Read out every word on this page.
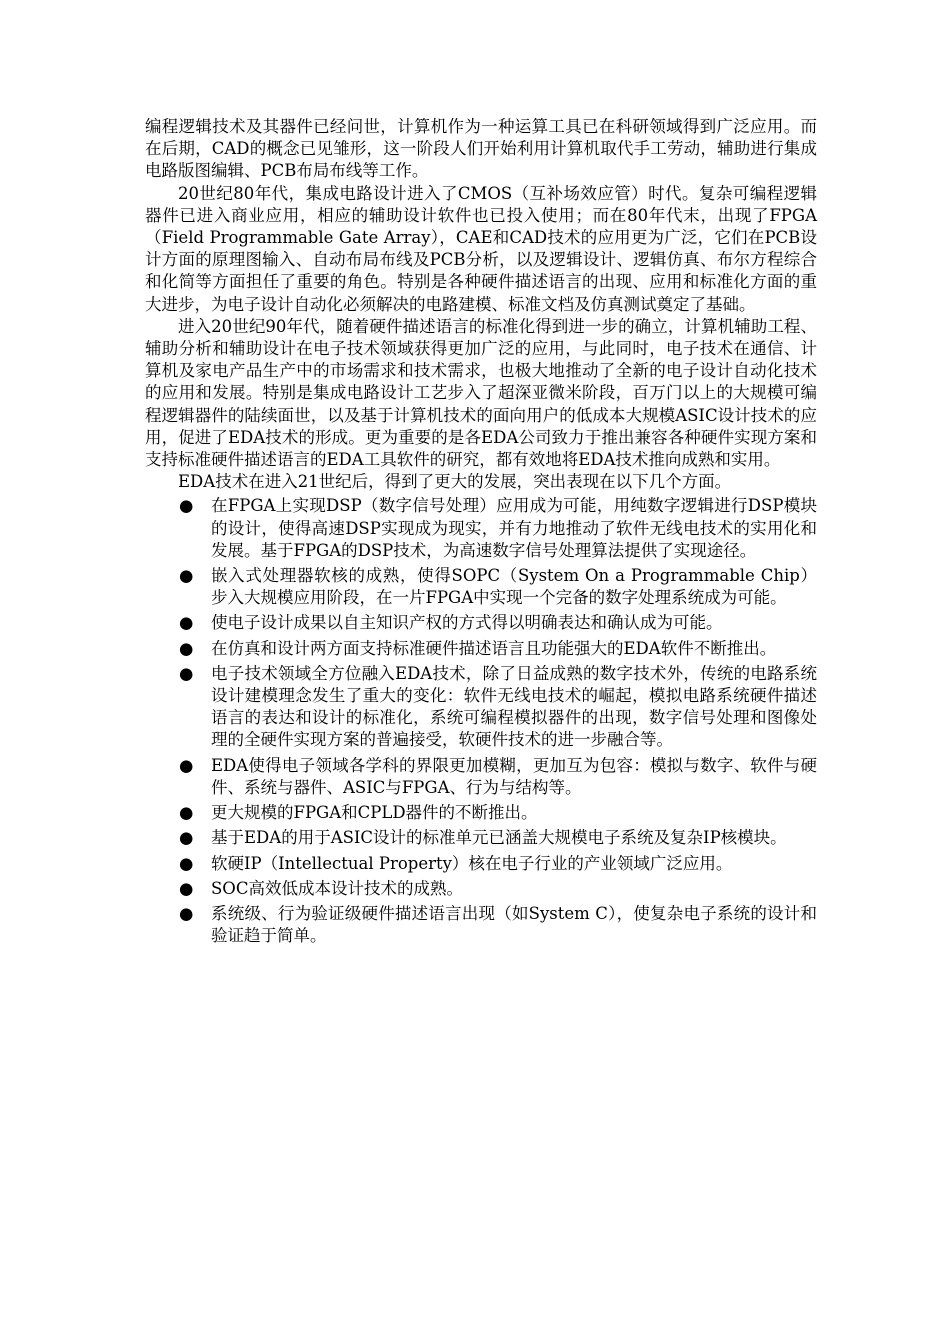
编程逻辑技术及其器件已经问世，计算机作为一种运算工具已在科研领域得到广泛应用。而在后期，CAD的概念已见雏形，这一阶段人们开始利用计算机取代手工劳动，辅助进行集成电路版图编辑、PCB布局布线等工作。

20世纪80年代，集成电路设计进入了CMOS（互补场效应管）时代。复杂可编程逻辑器件已进入商业应用，相应的辅助设计软件也已投入使用；而在80年代末，出现了FPGA（Field Programmable Gate Array），CAE和CAD技术的应用更为广泛，它们在PCB设计方面的原理图输入、自动布局布线及PCB分析，以及逻辑设计、逻辑仿真、布尔方程综合和化简等方面担任了重要的角色。特别是各种硬件描述语言的出现、应用和标准化方面的重大进步，为电子设计自动化必须解决的电路建模、标准文档及仿真测试奠定了基础。

进入20世纪90年代，随着硬件描述语言的标准化得到进一步的确立，计算机辅助工程、辅助分析和辅助设计在电子技术领域获得更加广泛的应用，与此同时，电子技术在通信、计算机及家电产品生产中的市场需求和技术需求，也极大地推动了全新的电子设计自动化技术的应用和发展。特别是集成电路设计工艺步入了超深亚微米阶段，百万门以上的大规模可编程逻辑器件的陆续面世，以及基于计算机技术的面向用户的低成本大规模ASIC设计技术的应用，促进了EDA技术的形成。更为重要的是各EDA公司致力于推出兼容各种硬件实现方案和支持标准硬件描述语言的EDA工具软件的研究，都有效地将EDA技术推向成熟和实用。

EDA技术在进入21世纪后，得到了更大的发展，突出表现在以下几个方面。

● 在FPGA上实现DSP（数字信号处理）应用成为可能，用纯数字逻辑进行DSP模块的设计，使得高速DSP实现成为现实，并有力地推动了软件无线电技术的实用化和发展。基于FPGA的DSP技术，为高速数字信号处理算法提供了实现途径。
● 嵌入式处理器软核的成熟，使得SOPC（System On a Programmable Chip）步入大规模应用阶段，在一片FPGA中实现一个完备的数字处理系统成为可能。
● 使电子设计成果以自主知识产权的方式得以明确表达和确认成为可能。
● 在仿真和设计两方面支持标准硬件描述语言且功能强大的EDA软件不断推出。
● 电子技术领域全方位融入EDA技术，除了日益成熟的数字技术外，传统的电路系统设计建模理念发生了重大的变化：软件无线电技术的崛起，模拟电路系统硬件描述语言的表达和设计的标准化，系统可编程模拟器件的出现，数字信号处理和图像处理的全硬件实现方案的普遍接受，软硬件技术的进一步融合等。
● EDA使得电子领域各学科的界限更加模糊，更加互为包容：模拟与数字、软件与硬件、系统与器件、ASIC与FPGA、行为与结构等。
● 更大规模的FPGA和CPLD器件的不断推出。
● 基于EDA的用于ASIC设计的标准单元已涵盖大规模电子系统及复杂IP核模块。
● 软硬IP（Intellectual Property）核在电子行业的产业领域广泛应用。
● SOC高效低成本设计技术的成熟。
● 系统级、行为验证级硬件描述语言出现（如System C），使复杂电子系统的设计和验证趋于简单。
